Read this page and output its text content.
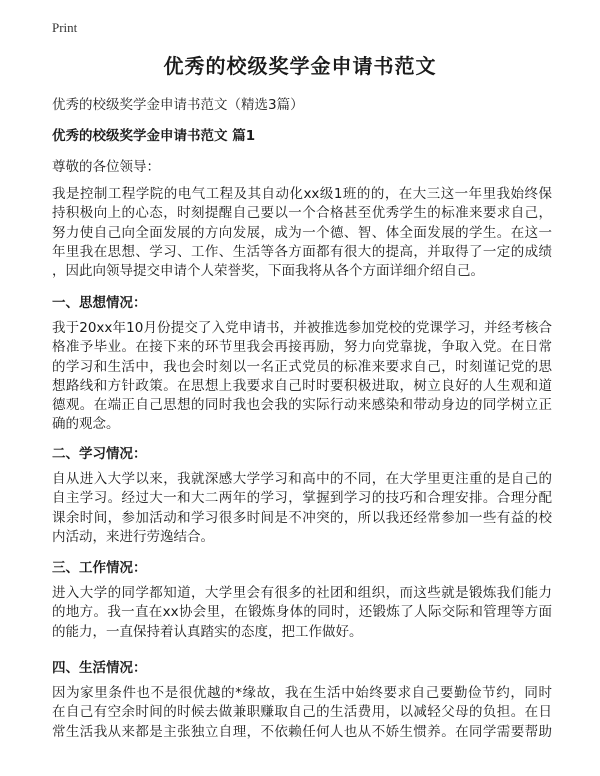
Print
优秀的校级奖学金申请书范文
优秀的校级奖学金申请书范文（精选3篇）
优秀的校级奖学金申请书范文 篇1
尊敬的各位领导：
我是控制工程学院的电气工程及其自动化xx级1班的的，在大三这一年里我始终保
持积极向上的心态，时刻提醒自己要以一个合格甚至优秀学生的标准来要求自己，
努力使自己向全面发展的方向发展，成为一个德、智、体全面发展的学生。在这一
年里我在思想、学习、工作、生活等各方面都有很大的提高，并取得了一定的成绩
，因此向领导提交申请个人荣誉奖，下面我将从各个方面详细介绍自己。
一、思想情况：
我于20xx年10月份提交了入党申请书，并被推选参加党校的党课学习，并经考核合
格准予毕业。在接下来的环节里我会再接再励，努力向党靠拢，争取入党。在日常
的学习和生活中，我也会时刻以一名正式党员的标准来要求自己，时刻谨记党的思
想路线和方针政策。在思想上我要求自己时时要积极进取，树立良好的人生观和道
德观。在端正自己思想的同时我也会我的实际行动来感染和带动身边的同学树立正
确的观念。
二、学习情况：
自从进入大学以来，我就深感大学学习和高中的不同，在大学里更注重的是自己的
自主学习。经过大一和大二两年的学习，掌握到学习的技巧和合理安排。合理分配
课余时间，参加活动和学习很多时间是不冲突的，所以我还经常参加一些有益的校
内活动，来进行劳逸结合。
三、工作情况：
进入大学的同学都知道，大学里会有很多的社团和组织，而这些就是锻炼我们能力
的地方。我一直在xx协会里，在锻炼身体的同时，还锻炼了人际交际和管理等方面
的能力，一直保持着认真踏实的态度，把工作做好。
四、生活情况：
因为家里条件也不是很优越的*缘故，我在生活中始终要求自己要勤俭节约，同时
在自己有空余时间的时候去做兼职赚取自己的生活费用，以减轻父母的负担。在日
常生活我从来都是主张独立自理，不依赖任何人也从不娇生惯养。在同学需要帮助
